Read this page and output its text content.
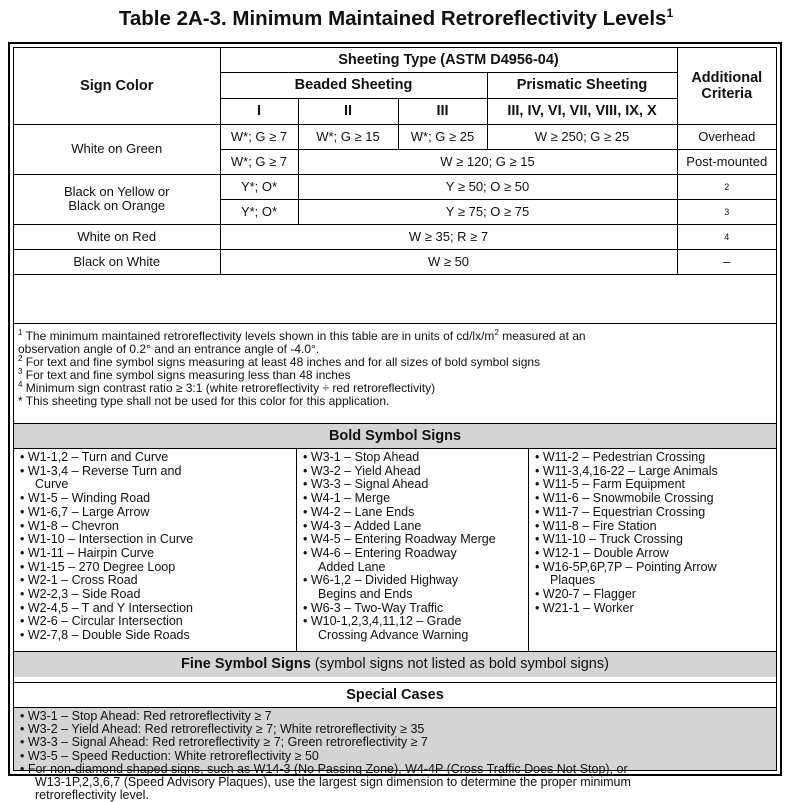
Table 2A-3. Minimum Maintained Retroreflectivity Levels$^1$
Sign Color	Sheeting Type (ASTM D4956-04)				Additional Criteria
	Beaded Sheeting			Prismatic Sheeting	
	I	II	III	III, IV, VI, VII, VIII, IX, X	
White on Green	W*; G ≥ 7	W*; G ≥ 15	W*; G ≥ 25	W ≥ 250; G ≥ 25	Overhead
	W*; G ≥ 7	W ≥ 120; G ≥ 15			Post-mounted
Black on Yellow or
Black on Orange	Y*; O*	Y ≥ 50; O ≥ 50			2
	Y*; O*	Y ≥ 75; O ≥ 75			3
White on Red	W ≥ 35; R ≥ 7				4
Black on White	W ≥ 50				–
$^1$ The minimum maintained retroreflectivity levels shown in this table are in units of $cd/lx/m^2$ measured at an
observation angle of 0.2° and an entrance angle of -4.0°.
$^2$ For text and fine symbol signs measuring at least 48 inches and for all sizes of bold symbol signs
$^3$ For text and fine symbol signs measuring less than 48 inches
$^4$ Minimum sign contrast ratio ≥ 3:1 (white retroreflectivity ÷ red retroreflectivity)
* This sheeting type shall not be used for this color for this application.
Bold Symbol Signs
• W1-1,2 – Turn and Curve
• W1-3,4 – Reverse Turn and
Curve
• W1-5 – Winding Road
• W1-6,7 – Large Arrow
• W1-8 – Chevron
• W1-10 – Intersection in Curve
• W1-11 – Hairpin Curve
• W1-15 – 270 Degree Loop
• W2-1 – Cross Road
• W2-2,3 – Side Road
• W2-4,5 – T and Y Intersection
• W2-6 – Circular Intersection
• W2-7,8 – Double Side Roads
• W3-1 – Stop Ahead
• W3-2 – Yield Ahead
• W3-3 – Signal Ahead
• W4-1 – Merge
• W4-2 – Lane Ends
• W4-3 – Added Lane
• W4-5 – Entering Roadway Merge
• W4-6 – Entering Roadway
Added Lane
• W6-1,2 – Divided Highway
Begins and Ends
• W6-3 – Two-Way Traffic
• W10-1,2,3,4,11,12 – Grade
Crossing Advance Warning
• W11-2 – Pedestrian Crossing
• W11-3,4,16-22 – Large Animals
• W11-5 – Farm Equipment
• W11-6 – Snowmobile Crossing
• W11-7 – Equestrian Crossing
• W11-8 – Fire Station
• W11-10 – Truck Crossing
• W12-1 – Double Arrow
• W16-5P,6P,7P – Pointing Arrow
Plaques
• W20-7 – Flagger
• W21-1 – Worker
Fine Symbol Signs (symbol signs not listed as bold symbol signs)
Special Cases
• W3-1 – Stop Ahead: Red retroreflectivity ≥ 7
• W3-2 – Yield Ahead: Red retroreflectivity ≥ 7; White retroreflectivity ≥ 35
• W3-3 – Signal Ahead: Red retroreflectivity ≥ 7; Green retroreflectivity ≥ 7
• W3-5 – Speed Reduction: White retroreflectivity ≥ 50
• For non-diamond shaped signs, such as W14-3 (No Passing Zone), W4-4P (Cross Traffic Does Not Stop), or
W13-1P,2,3,6,7 (Speed Advisory Plaques), use the largest sign dimension to determine the proper minimum
retroreflectivity level.
